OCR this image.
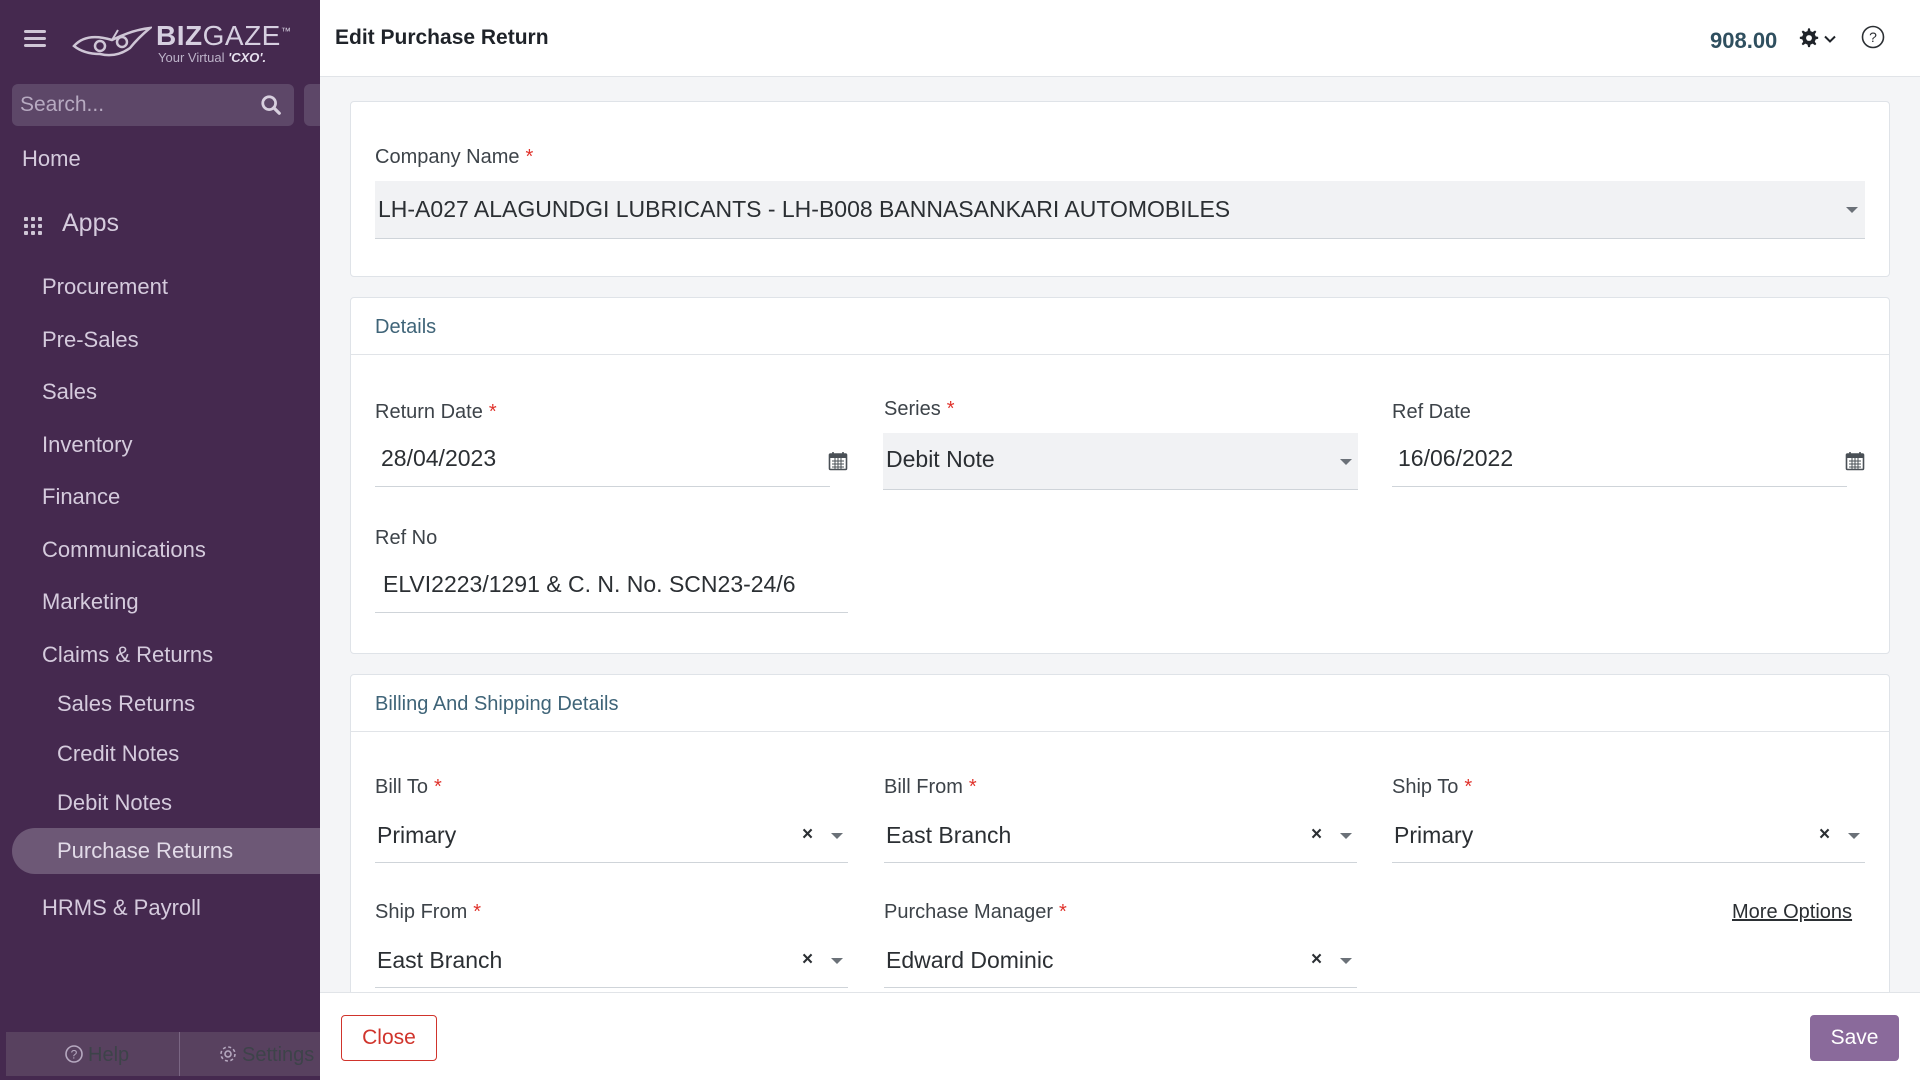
BIZGAZE™
Your Virtual 'CXO'.
Search...
Home
Apps
Procurement
Pre-Sales
Sales
Inventory
Finance
Communications
Marketing
Claims & Returns
Sales Returns
Credit Notes
Debit Notes
Purchase Returns
HRMS & Payroll
? Help	Settings
Edit Purchase Return	908.00	?
Company Name *
LH-A027 ALAGUNDGI LUBRICANTS - LH-B008 BANNASANKARI AUTOMOBILES
Details
Return Date *
28/04/2023
Series *
Debit Note
Ref Date
16/06/2022
Ref No
ELVI2223/1291 & C. N. No. SCN23-24/6
Billing And Shipping Details
Bill To *
Primary	×
Bill From *
East Branch	×
Ship To *
Primary	×
Ship From *
East Branch	×
Purchase Manager *
Edward Dominic	×
More Options
Close	Save
